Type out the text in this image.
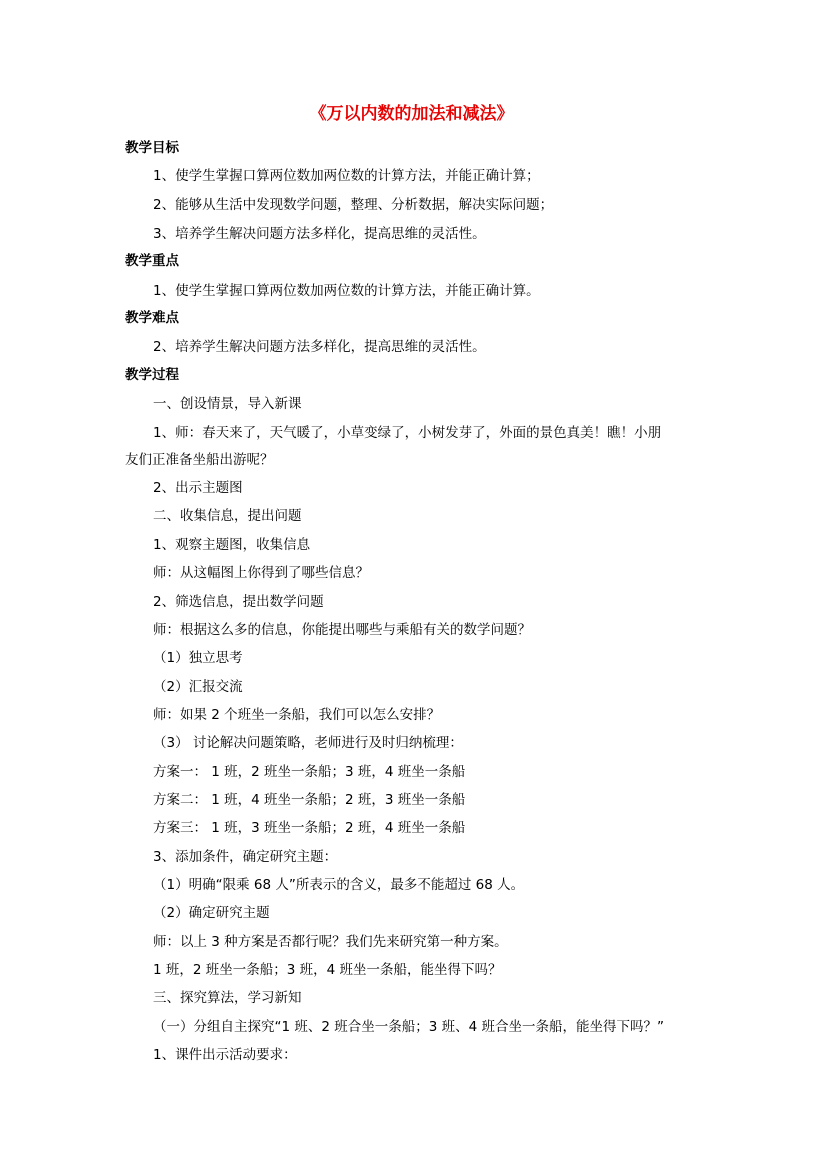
《万以内数的加法和减法》
教学目标
1、使学生掌握口算两位数加两位数的计算方法，并能正确计算；
2、能够从生活中发现数学问题，整理、分析数据，解决实际问题；
3、培养学生解决问题方法多样化，提高思维的灵活性。
教学重点
1、使学生掌握口算两位数加两位数的计算方法，并能正确计算。
教学难点
2、培养学生解决问题方法多样化，提高思维的灵活性。
教学过程
一、创设情景，导入新课
1、师：春天来了，天气暖了，小草变绿了，小树发芽了，外面的景色真美！瞧！小朋
友们正准备坐船出游呢？
2、出示主题图
二、收集信息，提出问题
1、观察主题图，收集信息
师：从这幅图上你得到了哪些信息？
2、筛选信息，提出数学问题
师：根据这么多的信息，你能提出哪些与乘船有关的数学问题？
（1）独立思考
（2）汇报交流
师：如果 2 个班坐一条船，我们可以怎么安排？
（3） 讨论解决问题策略，老师进行及时归纳梳理：
方案一： 1 班，2 班坐一条船；3 班，4 班坐一条船
方案二： 1 班，4 班坐一条船；2 班，3 班坐一条船
方案三： 1 班，3 班坐一条船；2 班，4 班坐一条船
3、添加条件，确定研究主题：
（1）明确“限乘 68 人”所表示的含义，最多不能超过 68 人。
（2）确定研究主题
师：以上 3 种方案是否都行呢？我们先来研究第一种方案。
1 班，2 班坐一条船；3 班，4 班坐一条船，能坐得下吗？
三、探究算法，学习新知
（一）分组自主探究“1 班、2 班合坐一条船；3 班、4 班合坐一条船，能坐得下吗？”
1、课件出示活动要求：
